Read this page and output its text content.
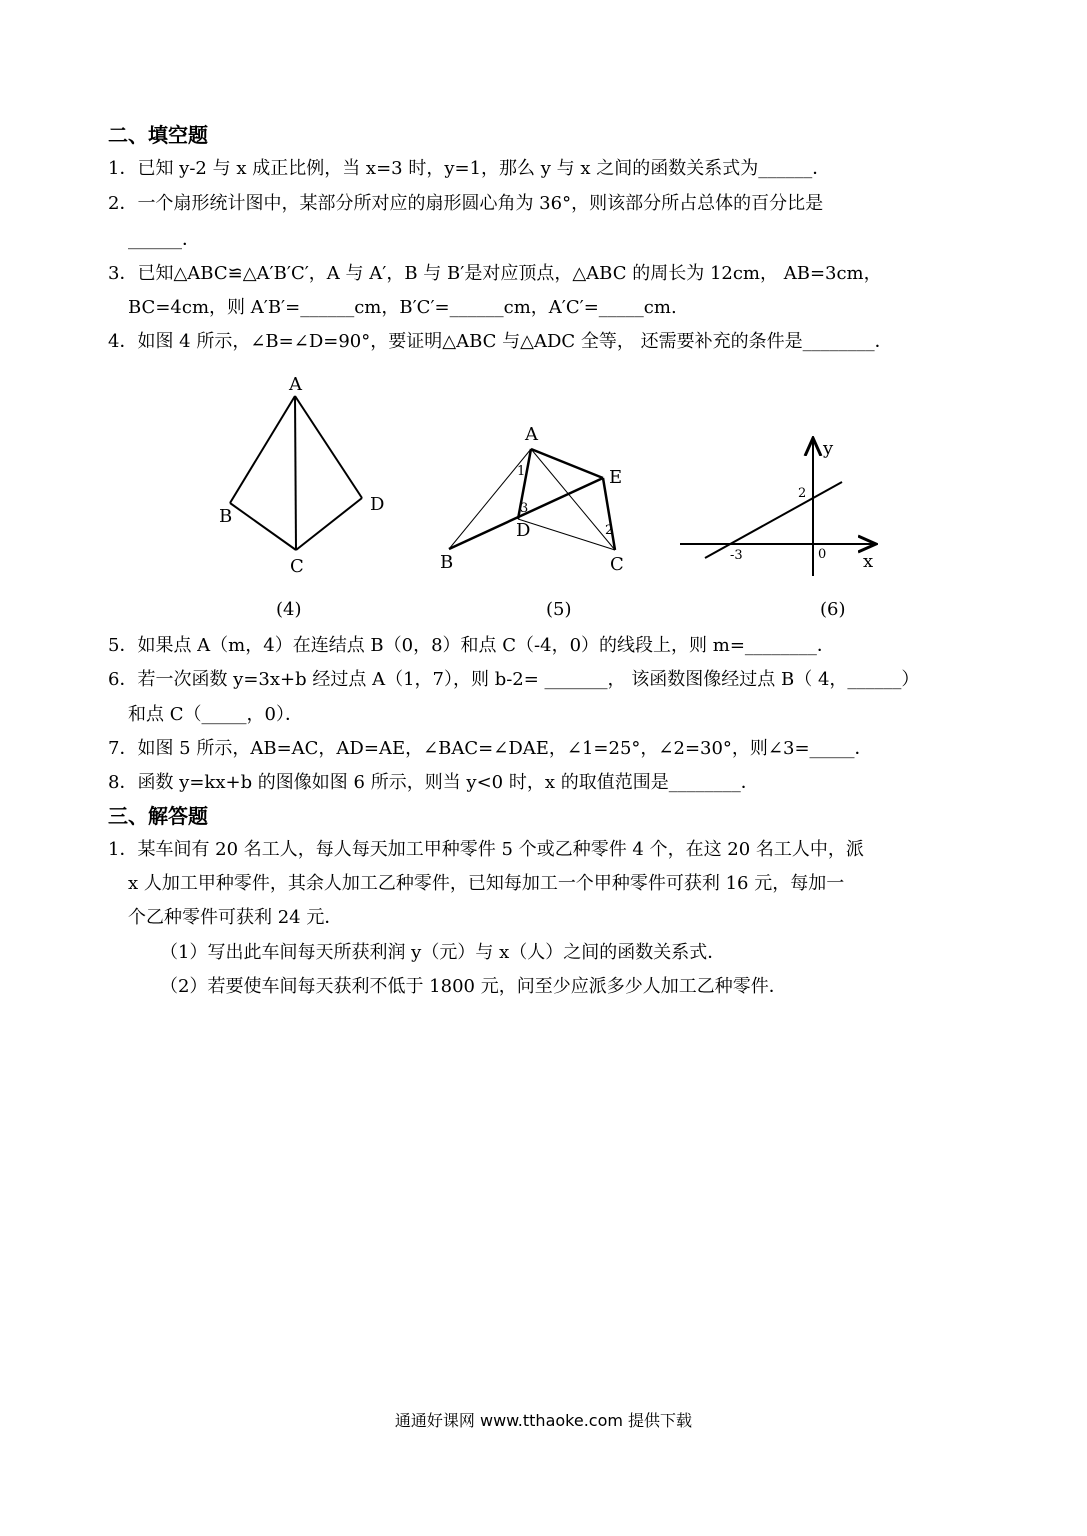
二、填空题
1．已知 y-2 与 x 成正比例，当 x=3 时，y=1，那么 y 与 x 之间的函数关系式为______．
2．一个扇形统计图中，某部分所对应的扇形圆心角为 36°，则该部分所占总体的百分比是
______．
3．已知△ABC≌△A′B′C′，A 与 A′，B 与 B′是对应顶点，△ABC 的周长为 12cm， AB=3cm，
BC=4cm，则 A′B′=______cm，B′C′=______cm，A′C′=_____cm.
4．如图 4 所示，∠B=∠D=90°，要证明△ABC 与△ADC 全等， 还需要补充的条件是________．
A
B
C
D
(4)
A
B	C
D
E
1
2
3
(5)
y
x
2
-3	0
(6)
5．如果点 A（m，4）在连结点 B（0，8）和点 C（-4，0）的线段上，则 m=________．
6．若一次函数 y=3x+b 经过点 A（1，7），则 b-2= _______， 该函数图像经过点 B（ 4，______）
和点 C（_____，0）．
7．如图 5 所示，AB=AC，AD=AE，∠BAC=∠DAE，∠1=25°，∠2=30°，则∠3=_____．
8．函数 y=kx+b 的图像如图 6 所示，则当 y<0 时，x 的取值范围是________．
三、解答题
1．某车间有 20 名工人，每人每天加工甲种零件 5 个或乙种零件 4 个，在这 20 名工人中，派
x 人加工甲种零件，其余人加工乙种零件，已知每加工一个甲种零件可获利 16 元，每加一
个乙种零件可获利 24 元．
（1）写出此车间每天所获利润 y（元）与 x（人）之间的函数关系式．
（2）若要使车间每天获利不低于 1800 元，问至少应派多少人加工乙种零件．
通通好课网 www.tthaoke.com 提供下载
